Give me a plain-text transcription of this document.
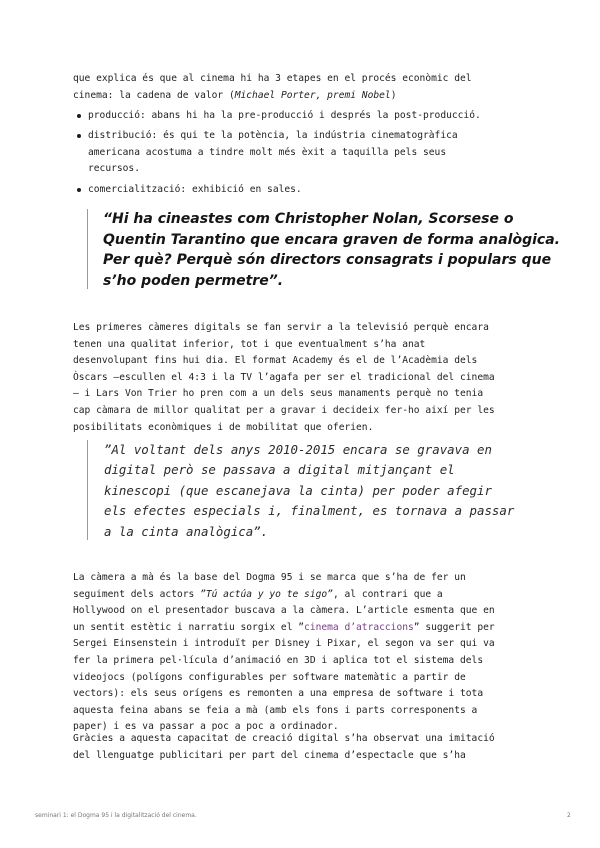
que explica és que al cinema hi ha 3 etapes en el procés econòmic del
cinema: la cadena de valor (Michael Porter, premi Nobel)
producció: abans hi ha la pre-producció i després la post-producció.
distribució: és qui te la potència, la indústria cinematogràfica
americana acostuma a tindre molt més èxit a taquilla pels seus
recursos.
comercialització: exhibició en sales.
“Hi ha cineastes com Christopher Nolan, Scorsese o
Quentin Tarantino que encara graven de forma analògica.
Per què? Perquè són directors consagrats i populars que
s’ho poden permetre”.
Les primeres càmeres digitals se fan servir a la televisió perquè encara
tenen una qualitat inferior, tot i que eventualment s’ha anat
desenvolupant fins hui dia. El format Academy és el de l’Acadèmia dels
Òscars —escullen el 4:3 i la TV l’agafa per ser el tradicional del cinema
— i Lars Von Trier ho pren com a un dels seus manaments perquè no tenia
cap càmara de millor qualitat per a gravar i decideix fer-ho així per les
posibilitats econòmiques i de mobilitat que oferien.
”Al voltant dels anys 2010-2015 encara se gravava en
digital però se passava a digital mitjançant el
kinescopi (que escanejava la cinta) per poder afegir
els efectes especials i, finalment, es tornava a passar
a la cinta analògica”.
La càmera a mà és la base del Dogma 95 i se marca que s’ha de fer un
seguiment dels actors ”Tú actúa y yo te sigo”, al contrari que a
Hollywood on el presentador buscava a la càmera. L’article esmenta que en
un sentit estètic i narratiu sorgix el ”cinema d’atraccions” suggerit per
Sergei Einsenstein i introduït per Disney i Pixar, el segon va ser qui va
fer la primera pel·lícula d’animació en 3D i aplica tot el sistema dels
videojocs (polígons configurables per software matemàtic a partir de
vectors): els seus orígens es remonten a una empresa de software i tota
aquesta feina abans se feia a mà (amb els fons i parts corresponents a
paper) i es va passar a poc a poc a ordinador.
Gràcies a aquesta capacitat de creació digital s’ha observat una imitació
del llenguatge publicitari per part del cinema d’espectacle que s’ha
seminari 1: el Dogma 95 i la digitalització del cinema.	2
